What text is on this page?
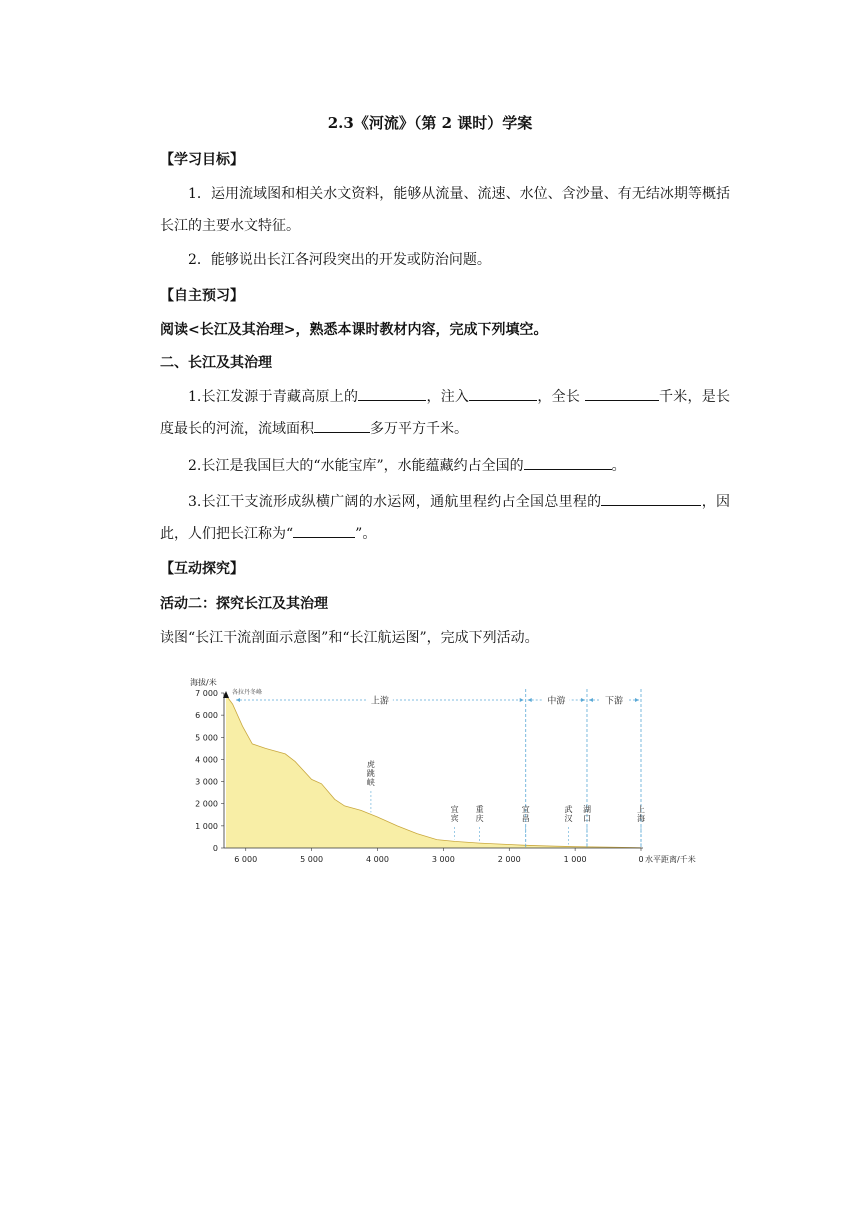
2.3《河流》（第 2 课时）学案
【学习目标】
1．运用流域图和相关水文资料，能够从流量、流速、水位、含沙量、有无结冰期等概括长江的主要水文特征。
2．能够说出长江各河段突出的开发或防治问题。
【自主预习】
阅读<长江及其治理>，熟悉本课时教材内容，完成下列填空。
二、长江及其治理
1.长江发源于青藏高原上的	，注入	，全长	千米，是长度最长的河流，流域面积	多万平方千米。
2.长江是我国巨大的“水能宝库”，水能蕴藏约占全国的	。
3.长江干支流形成纵横广阔的水运网，通航里程约占全国总里程的	，因此，人们把长江称为“	”。
【互动探究】
活动二：探究长江及其治理
读图“长江干流剖面示意图”和“长江航运图”，完成下列活动。
7 000
6 000
5 000
4 000
3 000
2 000
1 000
0
海拔/米
6 000	5 000	4 000	3 000	2 000	1 000	0 水平距离/千米
各拉丹冬峰
上游	中游	下游
虎
跳
峡
宜
宾
重
庆
宜
昌
武
汉
湖
口
上
海
